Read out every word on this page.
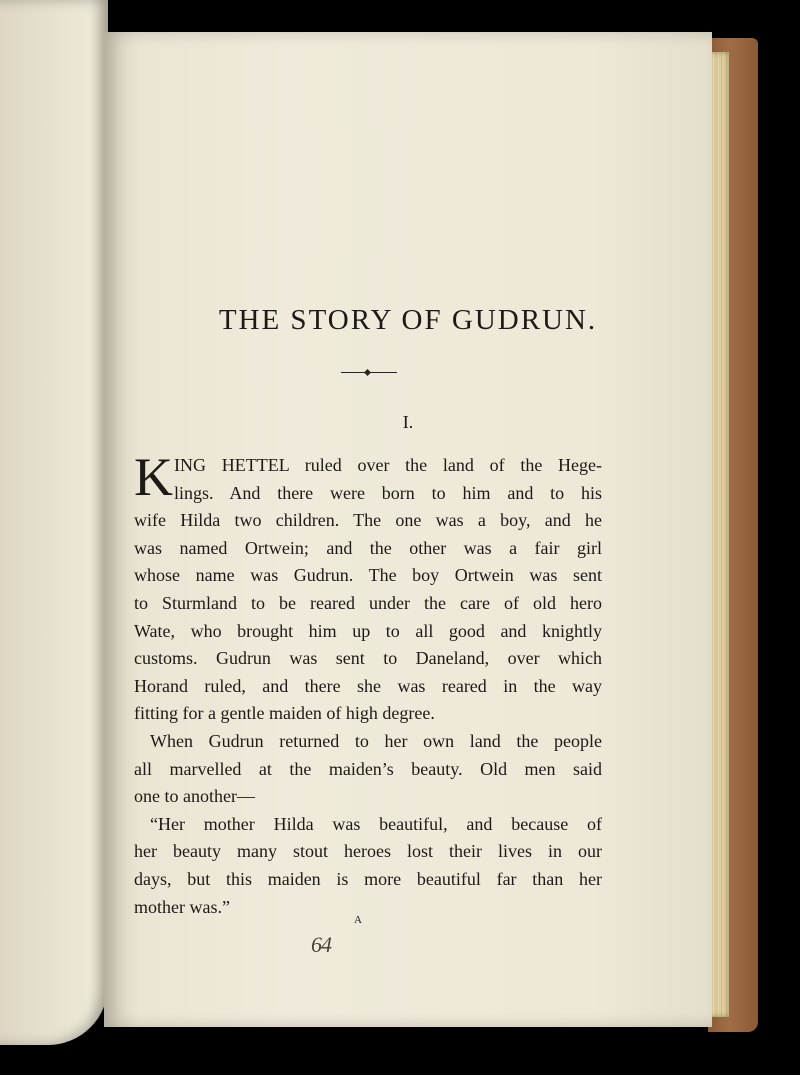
THE STORY OF GUDRUN.
I.
K ING HETTEL ruled over the land of the Hege-
lings. And there were born to him and to his
wife Hilda two children. The one was a boy, and he
was named Ortwein; and the other was a fair girl
whose name was Gudrun. The boy Ortwein was sent
to Sturmland to be reared under the care of old hero
Wate, who brought him up to all good and knightly
customs. Gudrun was sent to Daneland, over which
Horand ruled, and there she was reared in the way
fitting for a gentle maiden of high degree.
When Gudrun returned to her own land the people
all marvelled at the maiden’s beauty. Old men said
one to another—
“Her mother Hilda was beautiful, and because of
her beauty many stout heroes lost their lives in our
days, but this maiden is more beautiful far than her
mother was.”
A
64
